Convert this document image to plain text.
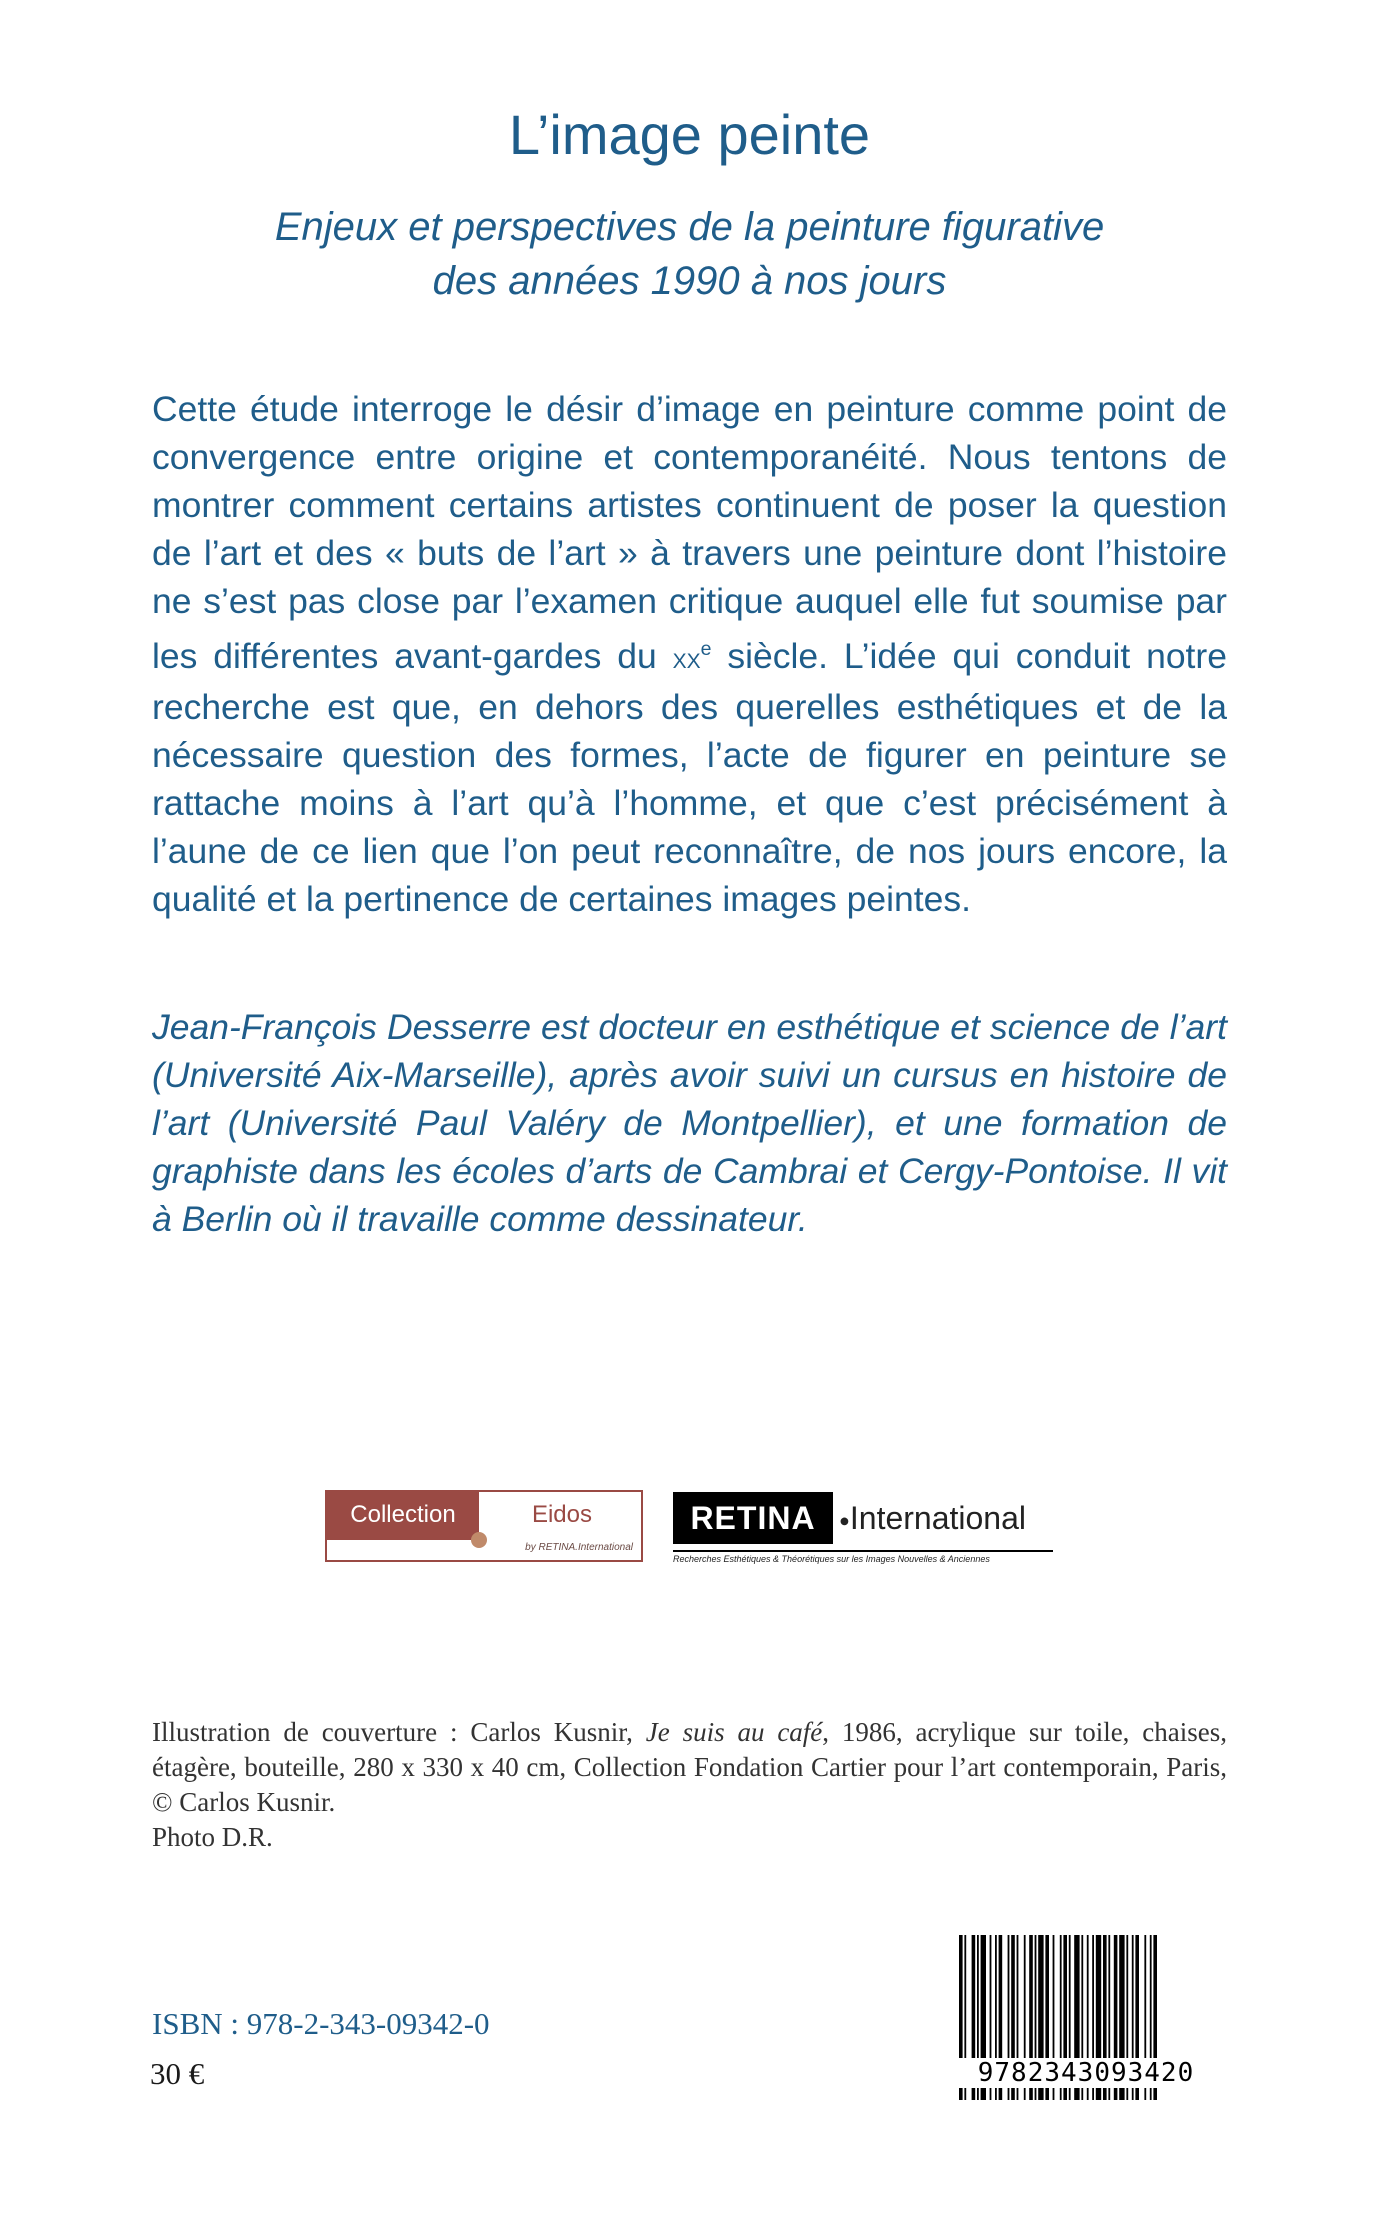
L’image peinte
Enjeux et perspectives de la peinture figurative
des années 1990 à nos jours

Cette étude interroge le désir d’image en peinture comme point de convergence entre origine et contemporanéité. Nous tentons de montrer comment certains artistes continuent de poser la question de l’art et des « buts de l’art » à travers une peinture dont l’histoire ne s’est pas close par l’examen critique auquel elle fut soumise par les différentes avant-gardes du $xx^e$ siècle. L’idée qui conduit notre recherche est que, en dehors des querelles esthétiques et de la nécessaire question des formes, l’acte de figurer en peinture se rattache moins à l’art qu’à l’homme, et que c’est précisément à l’aune de ce lien que l’on peut reconnaître, de nos jours encore, la qualité et la pertinence de certaines images peintes.

Jean-François Desserre est docteur en esthétique et science de l’art (Université Aix-Marseille), après avoir suivi un cursus en histoire de l’art (Université Paul Valéry de Montpellier), et une formation de graphiste dans les écoles d’arts de Cambrai et Cergy-Pontoise. Il vit à Berlin où il travaille comme dessinateur.

Collection	Eidos
by RETINA.International
RETINA	●International
Recherches Esthétiques & Théorétiques sur les Images Nouvelles & Anciennes

Illustration de couverture : Carlos Kusnir, Je suis au café, 1986, acrylique sur toile, chaises, étagère, bouteille, 280 x 330 x 40 cm, Collection Fondation Cartier pour l’art contemporain, Paris, © Carlos Kusnir.
Photo D.R.

ISBN : 978-2-343-09342-0
30 €	9782343093420
